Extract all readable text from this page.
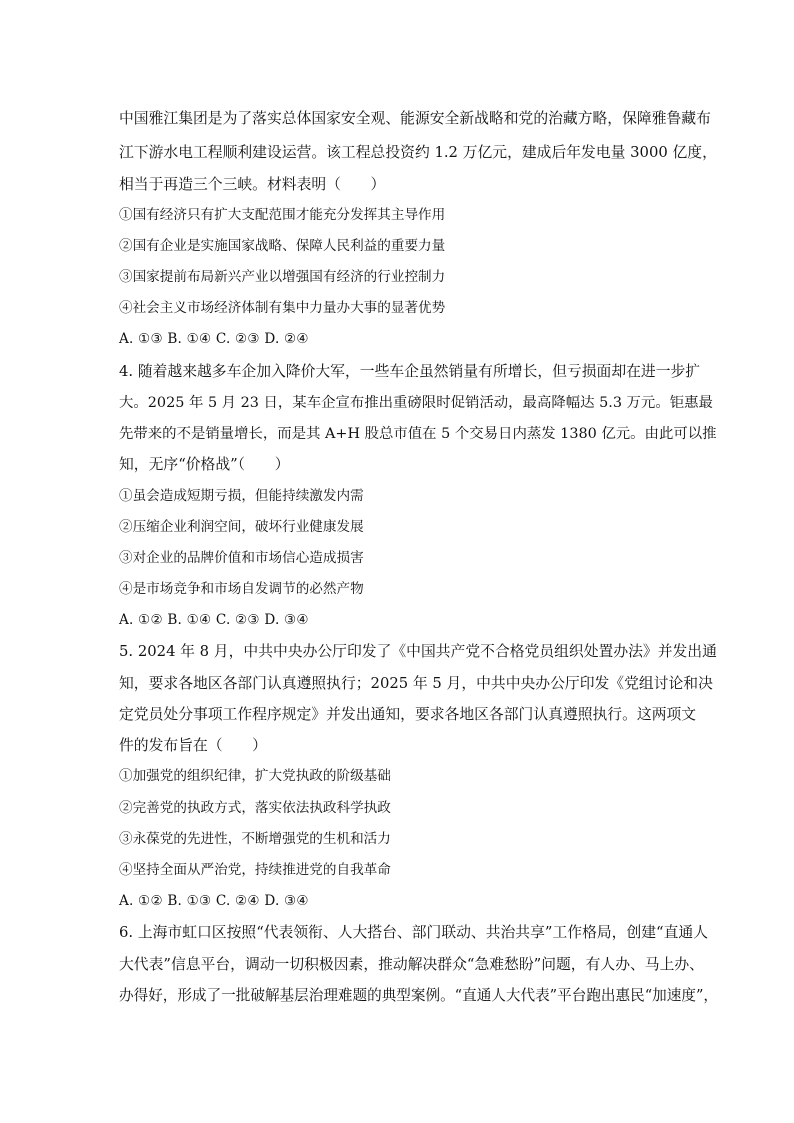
中国雅江集团是为了落实总体国家安全观、能源安全新战略和党的治藏方略，保障雅鲁藏布
江下游水电工程顺利建设运营。该工程总投资约 1.2 万亿元，建成后年发电量 3000 亿度，
相当于再造三个三峡。材料表明（　　）
①国有经济只有扩大支配范围才能充分发挥其主导作用
②国有企业是实施国家战略、保障人民利益的重要力量
③国家提前布局新兴产业以增强国有经济的行业控制力
④社会主义市场经济体制有集中力量办大事的显著优势
A. ①③ B. ①④ C. ②③ D. ②④
4. 随着越来越多车企加入降价大军，一些车企虽然销量有所增长，但亏损面却在进一步扩
大。2025 年 5 月 23 日，某车企宣布推出重磅限时促销活动，最高降幅达 5.3 万元。钜惠最
先带来的不是销量增长，而是其 A+H 股总市值在 5 个交易日内蒸发 1380 亿元。由此可以推
知，无序“价格战”（　　）
①虽会造成短期亏损，但能持续激发内需
②压缩企业利润空间，破坏行业健康发展
③对企业的品牌价值和市场信心造成损害
④是市场竞争和市场自发调节的必然产物
A. ①② B. ①④ C. ②③ D. ③④
5. 2024 年 8 月，中共中央办公厅印发了《中国共产党不合格党员组织处置办法》并发出通
知，要求各地区各部门认真遵照执行；2025 年 5 月，中共中央办公厅印发《党组讨论和决
定党员处分事项工作程序规定》并发出通知，要求各地区各部门认真遵照执行。这两项文
件的发布旨在（　　）
①加强党的组织纪律，扩大党执政的阶级基础
②完善党的执政方式，落实依法执政科学执政
③永葆党的先进性，不断增强党的生机和活力
④坚持全面从严治党，持续推进党的自我革命
A. ①② B. ①③ C. ②④ D. ③④
6. 上海市虹口区按照“代表领衔、人大搭台、部门联动、共治共享”工作格局，创建“直通人
大代表”信息平台，调动一切积极因素，推动解决群众“急难愁盼”问题，有人办、马上办、
办得好，形成了一批破解基层治理难题的典型案例。“直通人大代表”平台跑出惠民“加速度”，
